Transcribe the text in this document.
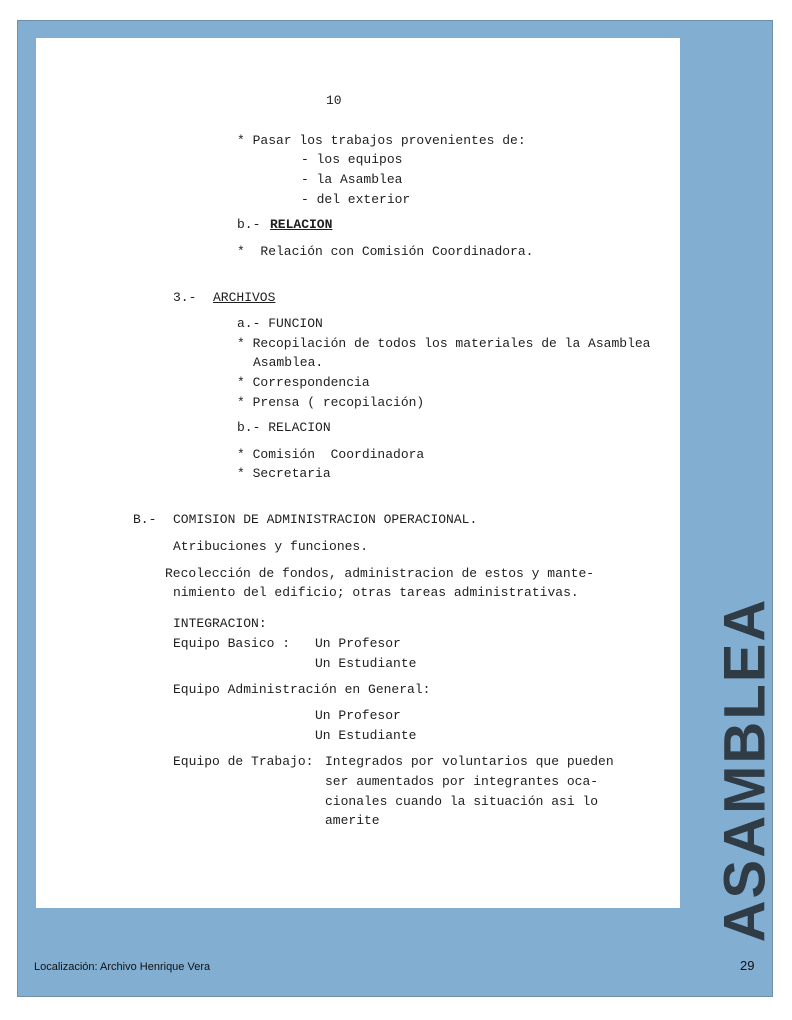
10
* Pasar los trabajos provenientes de:
- los equipos
- la Asamblea
- del exterior
b.- RELACION
*  Relación con Comisión Coordinadora.
3.- ARCHIVOS
a.- FUNCION
* Recopilación de todos los materiales de la Asamblea
Asamblea.
* Correspondencia
* Prensa ( recopilación)
b.- RELACION
* Comisión  Coordinadora
* Secretaria
B.- COMISION DE ADMINISTRACION OPERACIONAL.
Atribuciones y funciones.
Recolección de fondos, administracion de estos y mante-
nimiento del edificio; otras tareas administrativas.
INTEGRACION:
Equipo Basico : Un Profesor
Un Estudiante
Equipo Administración en General:
Un Profesor
Un Estudiante
Equipo de Trabajo: Integrados por voluntarios que pueden
ser aumentados por integrantes oca-
cionales cuando la situación asi lo
amerite	ASAMBLEA
Localización: Archivo Henrique Vera	29
